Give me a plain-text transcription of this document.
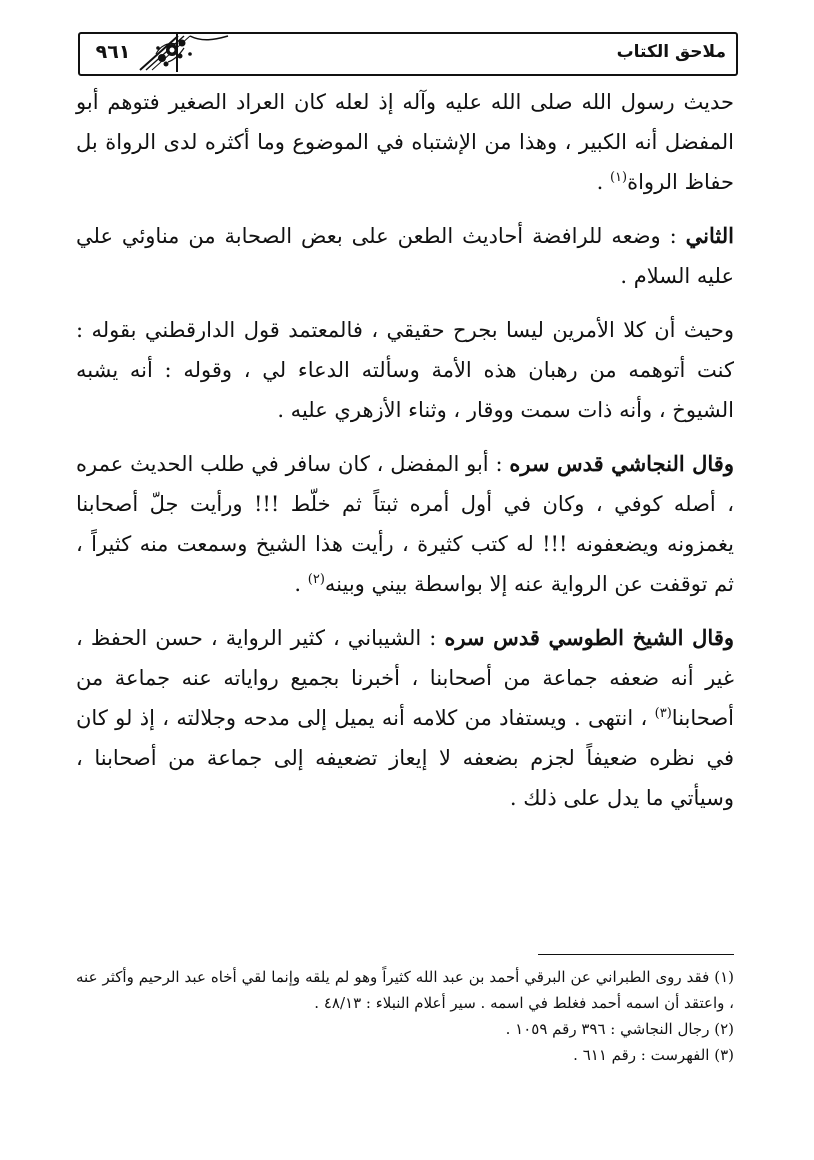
٩٦١	ملاحق الكتاب

حديث رسول الله صلى الله عليه وآله إذ لعله كان العراد الصغير فتوهم أبو المفضل أنه الكبير ، وهذا من الإشتباه في الموضوع وما أكثره لدى الرواة بل حفاظ الرواة$^{(١)}$ .

الثاني : وضعه للرافضة أحاديث الطعن على بعض الصحابة من مناوئي علي عليه السلام .

وحيث أن كلا الأمرين ليسا بجرح حقيقي ، فالمعتمد قول الدارقطني بقوله : كنت أتوهمه من رهبان هذه الأمة وسألته الدعاء لي ، وقوله : أنه يشبه الشيوخ ، وأنه ذات سمت ووقار ، وثناء الأزهري عليه .

وقال النجاشي قدس سره : أبو المفضل ، كان سافر في طلب الحديث عمره ، أصله كوفي ، وكان في أول أمره ثبتاً ثم خلّط !!! ورأيت جلّ أصحابنا يغمزونه ويضعفونه !!! له كتب كثيرة ، رأيت هذا الشيخ وسمعت منه كثيراً ، ثم توقفت عن الرواية عنه إلا بواسطة بيني وبينه$^{(٢)}$ .

وقال الشيخ الطوسي قدس سره : الشيباني ، كثير الرواية ، حسن الحفظ ، غير أنه ضعفه جماعة من أصحابنا ، أخبرنا بجميع رواياته عنه جماعة من أصحابنا$^{(٣)}$ ، انتهى . ويستفاد من كلامه أنه يميل إلى مدحه وجلالته ، إذ لو كان في نظره ضعيفاً لجزم بضعفه لا إيعاز تضعيفه إلى جماعة من أصحابنا ، وسيأتي ما يدل على ذلك .

(١) فقد روى الطبراني عن البرقي أحمد بن عبد الله كثيراً وهو لم يلقه وإنما لقي أخاه عبد الرحيم وأكثر عنه ، واعتقد أن اسمه أحمد فغلط في اسمه . سير أعلام النبلاء : ٤٨/١٣ .

(٢) رجال النجاشي : ٣٩٦ رقم ١٠٥٩ .

(٣) الفهرست : رقم ٦١١ .
